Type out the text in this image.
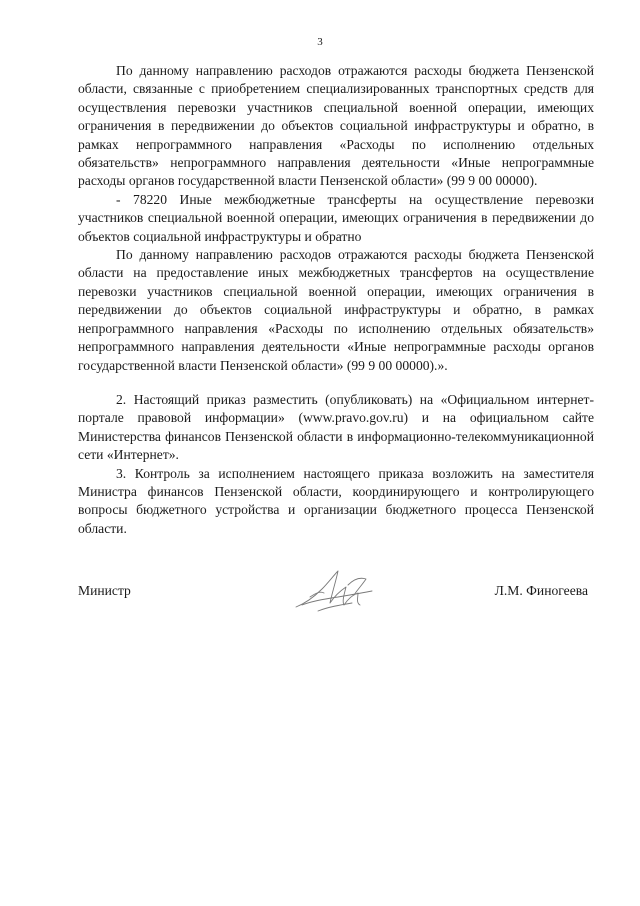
3

По данному направлению расходов отражаются расходы бюджета Пензенской области, связанные с приобретением специализированных транспортных средств для осуществления перевозки участников специальной военной операции, имеющих ограничения в передвижении до объектов социальной инфраструктуры и обратно, в рамках непрограммного направления «Расходы по исполнению отдельных обязательств» непрограммного направления деятельности «Иные непрограммные расходы органов государственной власти Пензенской области» (99 9 00 00000).

- 78220 Иные межбюджетные трансферты на осуществление перевозки участников специальной военной операции, имеющих ограничения в передвижении до объектов социальной инфраструктуры и обратно

По данному направлению расходов отражаются расходы бюджета Пензенской области на предоставление иных межбюджетных трансфертов на осуществление перевозки участников специальной военной операции, имеющих ограничения в передвижении до объектов социальной инфраструктуры и обратно, в рамках непрограммного направления «Расходы по исполнению отдельных обязательств» непрограммного направления деятельности «Иные непрограммные расходы органов государственной власти Пензенской области» (99 9 00 00000).».

2. Настоящий приказ разместить (опубликовать) на «Официальном интернет-портале правовой информации» (www.pravo.gov.ru) и на официальном сайте Министерства финансов Пензенской области в информационно-телекоммуникационной сети «Интернет».

3. Контроль за исполнением настоящего приказа возложить на заместителя Министра финансов Пензенской области, координирующего и контролирующего вопросы бюджетного устройства и организации бюджетного процесса Пензенской области.

Министр	Л.М. Финогеева
